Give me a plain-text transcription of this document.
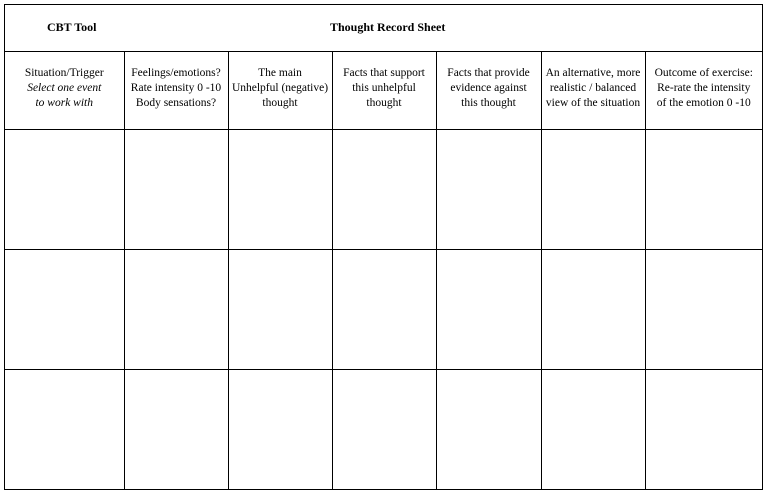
CBT Tool	Thought Record Sheet
Situation/Trigger
Select one event
to work with	Feelings/emotions?
Rate intensity 0 -10
Body sensations?	The main
Unhelpful (negative)
thought	Facts that support
this unhelpful
thought	Facts that provide
evidence against
this thought	An alternative, more
realistic / balanced
view of the situation	Outcome of exercise:
Re-rate the intensity
of the emotion 0 -10
